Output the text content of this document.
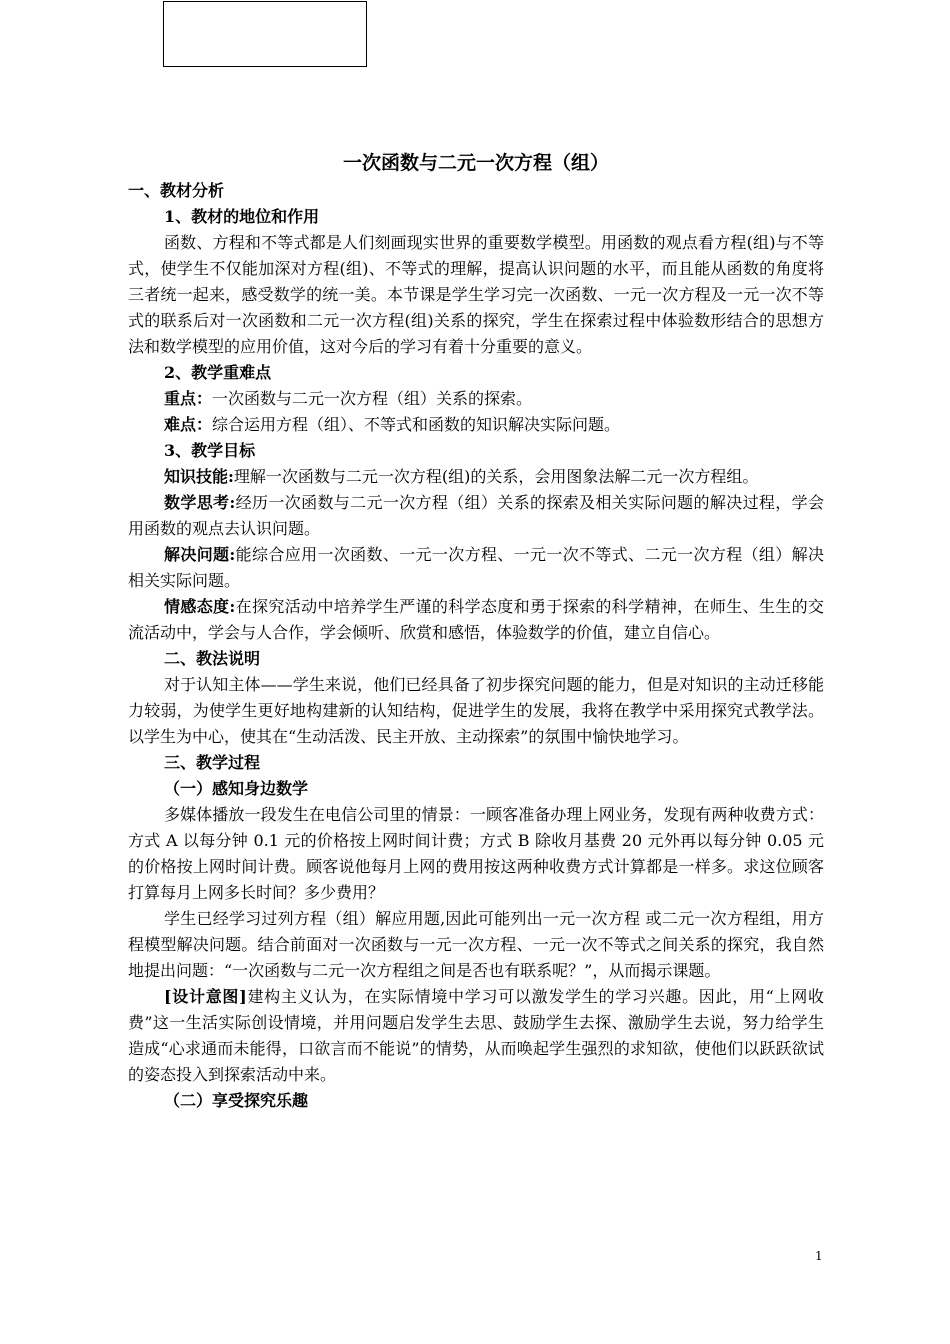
一次函数与二元一次方程（组）
一、教材分析
1、教材的地位和作用

函数、方程和不等式都是人们刻画现实世界的重要数学模型。用函数的观点看方程(组)与不等式，使学生不仅能加深对方程(组)、不等式的理解，提高认识问题的水平，而且能从函数的角度将三者统一起来，感受数学的统一美。本节课是学生学习完一次函数、一元一次方程及一元一次不等式的联系后对一次函数和二元一次方程(组)关系的探究，学生在探索过程中体验数形结合的思想方法和数学模型的应用价值，这对今后的学习有着十分重要的意义。

2、教学重难点

重点：一次函数与二元一次方程（组）关系的探索。

难点：综合运用方程（组）、不等式和函数的知识解决实际问题。

3、教学目标

知识技能:理解一次函数与二元一次方程(组)的关系，会用图象法解二元一次方程组。

数学思考:经历一次函数与二元一次方程（组）关系的探索及相关实际问题的解决过程，学会用函数的观点去认识问题。

解决问题:能综合应用一次函数、一元一次方程、一元一次不等式、二元一次方程（组）解决相关实际问题。

情感态度:在探究活动中培养学生严谨的科学态度和勇于探索的科学精神，在师生、生生的交流活动中，学会与人合作，学会倾听、欣赏和感悟，体验数学的价值，建立自信心。

二、教法说明

对于认知主体——学生来说，他们已经具备了初步探究问题的能力，但是对知识的主动迁移能力较弱，为使学生更好地构建新的认知结构，促进学生的发展，我将在教学中采用探究式教学法。以学生为中心，使其在“生动活泼、民主开放、主动探索”的氛围中愉快地学习。

三、教学过程
（一）感知身边数学

多媒体播放一段发生在电信公司里的情景：一顾客准备办理上网业务，发现有两种收费方式：方式 A 以每分钟 0.1 元的价格按上网时间计费；方式 B 除收月基费 20 元外再以每分钟 0.05 元的价格按上网时间计费。顾客说他每月上网的费用按这两种收费方式计算都是一样多。求这位顾客打算每月上网多长时间？多少费用？

学生已经学习过列方程（组）解应用题,因此可能列出一元一次方程 或二元一次方程组，用方程模型解决问题。结合前面对一次函数与一元一次方程、一元一次不等式之间关系的探究，我自然地提出问题：“一次函数与二元一次方程组之间是否也有联系呢？”，从而揭示课题。

[设计意图]建构主义认为，在实际情境中学习可以激发学生的学习兴趣。因此，用“上网收费”这一生活实际创设情境，并用问题启发学生去思、鼓励学生去探、激励学生去说，努力给学生造成“心求通而未能得，口欲言而不能说”的情势，从而唤起学生强烈的求知欲，使他们以跃跃欲试的姿态投入到探索活动中来。

（二）享受探究乐趣
1
